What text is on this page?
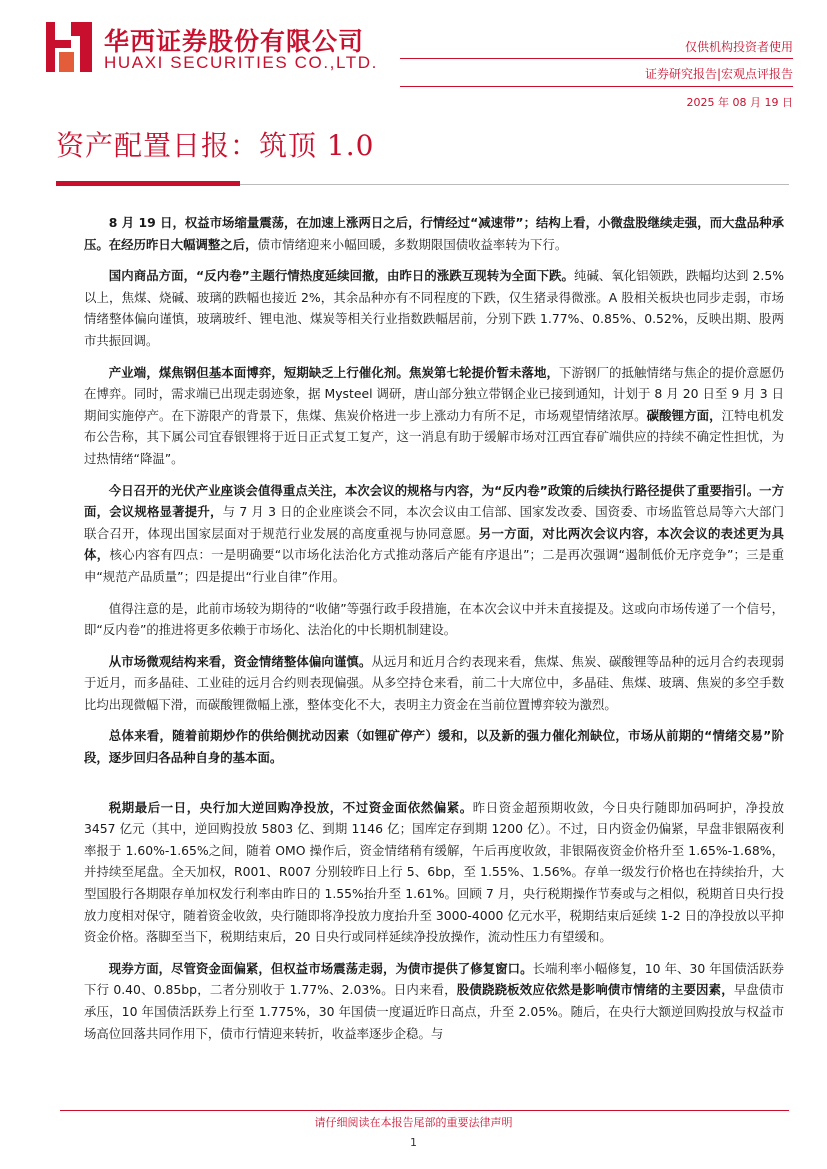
华西证券股份有限公司
HUAXI SECURITIES CO.,LTD.
仅供机构投资者使用
证券研究报告|宏观点评报告
2025 年 08 月 19 日
资产配置日报：筑顶 1.0

8 月 19 日，权益市场缩量震荡，在加速上涨两日之后，行情经过“减速带”；结构上看，小微盘股继续走强，而大盘品种承压。在经历昨日大幅调整之后，债市情绪迎来小幅回暖，多数期限国债收益率转为下行。

国内商品方面，“反内卷”主题行情热度延续回撤，由昨日的涨跌互现转为全面下跌。纯碱、氧化铝领跌，跌幅均达到 2.5%以上，焦煤、烧碱、玻璃的跌幅也接近 2%，其余品种亦有不同程度的下跌，仅生猪录得微涨。A 股相关板块也同步走弱，市场情绪整体偏向谨慎，玻璃玻纤、锂电池、煤炭等相关行业指数跌幅居前，分别下跌 1.77%、0.85%、0.52%，反映出期、股两市共振回调。

产业端，煤焦钢但基本面博弈，短期缺乏上行催化剂。焦炭第七轮提价暂未落地，下游钢厂的抵触情绪与焦企的提价意愿仍在博弈。同时，需求端已出现走弱迹象，据 Mysteel 调研，唐山部分独立带钢企业已接到通知，计划于 8 月 20 日至 9 月 3 日期间实施停产。在下游限产的背景下，焦煤、焦炭价格进一步上涨动力有所不足，市场观望情绪浓厚。碳酸锂方面，江特电机发布公告称，其下属公司宜春银锂将于近日正式复工复产，这一消息有助于缓解市场对江西宜春矿端供应的持续不确定性担忧，为过热情绪“降温”。

今日召开的光伏产业座谈会值得重点关注，本次会议的规格与内容，为“反内卷”政策的后续执行路径提供了重要指引。一方面，会议规格显著提升，与 7 月 3 日的企业座谈会不同，本次会议由工信部、国家发改委、国资委、市场监管总局等六大部门联合召开，体现出国家层面对于规范行业发展的高度重视与协同意愿。另一方面，对比两次会议内容，本次会议的表述更为具体，核心内容有四点：一是明确要“以市场化法治化方式推动落后产能有序退出”；二是再次强调“遏制低价无序竞争”；三是重申“规范产品质量”；四是提出“行业自律”作用。

值得注意的是，此前市场较为期待的“收储”等强行政手段措施，在本次会议中并未直接提及。这或向市场传递了一个信号，即“反内卷”的推进将更多依赖于市场化、法治化的中长期机制建设。

从市场微观结构来看，资金情绪整体偏向谨慎。从远月和近月合约表现来看，焦煤、焦炭、碳酸锂等品种的远月合约表现弱于近月，而多晶硅、工业硅的远月合约则表现偏强。从多空持仓来看，前二十大席位中，多晶硅、焦煤、玻璃、焦炭的多空手数比均出现微幅下滑，而碳酸锂微幅上涨，整体变化不大，表明主力资金在当前位置博弈较为激烈。

总体来看，随着前期炒作的供给侧扰动因素（如锂矿停产）缓和，以及新的强力催化剂缺位，市场从前期的“情绪交易”阶段，逐步回归各品种自身的基本面。

税期最后一日，央行加大逆回购净投放，不过资金面依然偏紧。昨日资金超预期收敛，今日央行随即加码呵护，净投放 3457 亿元（其中，逆回购投放 5803 亿、到期 1146 亿；国库定存到期 1200 亿）。不过，日内资金仍偏紧，早盘非银隔夜利率报于 1.60%-1.65%之间，随着 OMO 操作后，资金情绪稍有缓解，午后再度收敛，非银隔夜资金价格升至 1.65%-1.68%，并持续至尾盘。全天加权，R001、R007 分别较昨日上行 5、6bp，至 1.55%、1.56%。存单一级发行价格也在持续抬升，大型国股行各期限存单加权发行利率由昨日的 1.55%抬升至 1.61%。回顾 7 月，央行税期操作节奏或与之相似，税期首日央行投放力度相对保守，随着资金收敛，央行随即将净投放力度抬升至 3000-4000 亿元水平，税期结束后延续 1-2 日的净投放以平抑资金价格。落脚至当下，税期结束后，20 日央行或同样延续净投放操作，流动性压力有望缓和。

现券方面，尽管资金面偏紧，但权益市场震荡走弱，为债市提供了修复窗口。长端利率小幅修复，10 年、30 年国债活跃券下行 0.40、0.85bp，二者分别收于 1.77%、2.03%。日内来看，股债跷跷板效应依然是影响债市情绪的主要因素，早盘债市承压，10 年国债活跃券上行至 1.775%，30 年国债一度逼近昨日高点，升至 2.05%。随后，在央行大额逆回购投放与权益市场高位回落共同作用下，债市行情迎来转折，收益率逐步企稳。与

请仔细阅读在本报告尾部的重要法律声明
1
